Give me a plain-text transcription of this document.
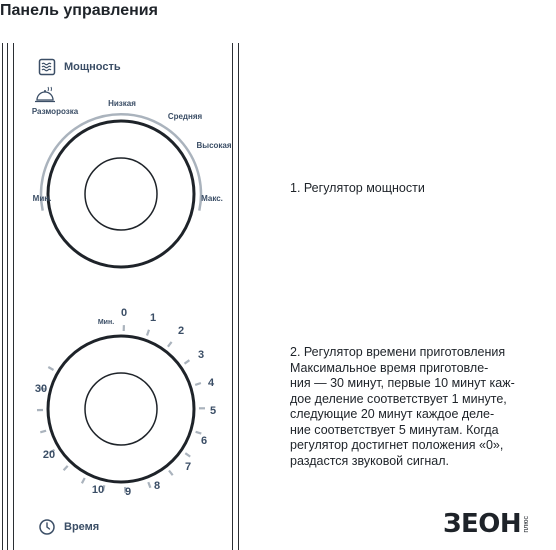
Панель управления
Мощность
Разморозка
Низкая
Средняя
Высокая
Мин.	Макс.
Мин.
0 1
2
3
4
5
6
7
8
9
10
20
30
Время

1. Регулятор мощности

2. Регулятор времени приготовления
Максимальное время приготовле-
ния — 30 минут, первые 10 минут каж-
дое деление соответствует 1 минуте,
следующие 20 минут каждое деле-
ние соответствует 5 минутам. Когда
регулятор достигнет положения «0»,
раздастся звуковой сигнал.
ЗЕОН плюс
